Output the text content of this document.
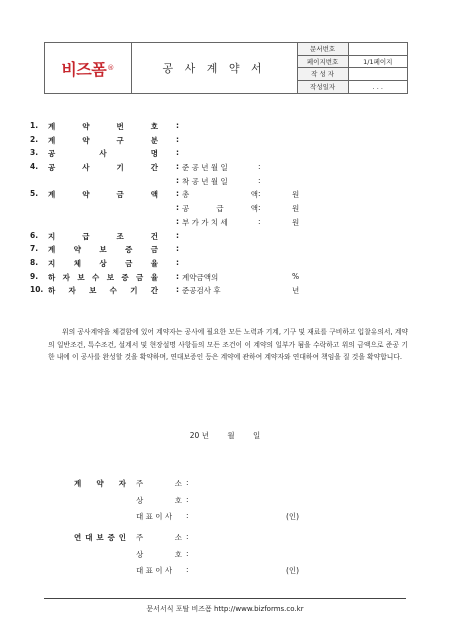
비즈폼 ®	공 사 계 약 서
문서번호
페이지번호	1/1페이지
작 성 자
작성일자	. . .
1. 계	약	번	호 :
2. 계	약	구	분 :
3. 공	사	명 :
4. 공	사	기	간 : 준 공 년 월 일	:
: 착 공 년 월 일	:
5. 계	약	금	액 : 총	액 :	원
: 공	급	액 :	원
: 부 가 가 치 세	:	원
6. 지	급	조	건 :
7. 계 약 보 증 금 :
8. 지 체 상 금 율 :
9. 하 자 보 수 보 증 금 율 : 계약금액의	%
10. 하 자 보 수 기 간 : 준공검사 후	년
위의 공사계약을 체결함에 있어 계약자는 공사에 필요한 모든 노력과 기계, 기구 및 재료를 구비하고 입찰유의서, 계약의 일반조건, 특수조건, 설계서 및 현장설명 사항들의 모든 조건이 이 계약의 일부가 됨을 수락하고 위의 금액으로 준공 기한 내에 이 공사를 완성할 것을 확약하며, 연대보증인 등은 계약에 관하여 계약자와 연대하여 책임을 질 것을 확약합니다.
20 년 월 일
계 약 자 주	소 :
상	호 :
대 표 이 사	:	(인)
연 대 보 증 인 주	소 :
상	호 :
대 표 이 사	:	(인)
문서서식 포탈 비즈폼 http://www.bizforms.co.kr
